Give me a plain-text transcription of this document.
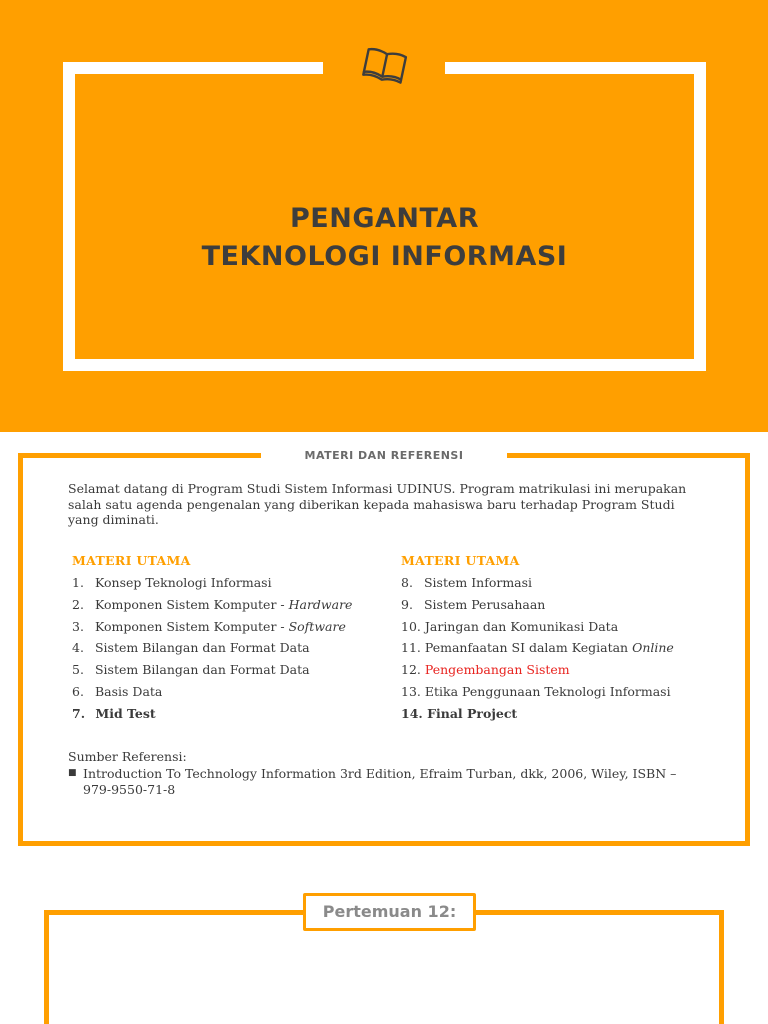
PENGANTAR
TEKNOLOGI INFORMASI
MATERI DAN REFERENSI

Selamat datang di Program Studi Sistem Informasi UDINUS. Program matrikulasi ini merupakan salah satu agenda pengenalan yang diberikan kepada mahasiswa baru terhadap Program Studi yang diminati.

MATERI UTAMA
1. Konsep Teknologi Informasi
2. Komponen Sistem Komputer - Hardware
3. Komponen Sistem Komputer - Software
4. Sistem Bilangan dan Format Data
5. Sistem Bilangan dan Format Data
6. Basis Data
7. Mid Test
MATERI UTAMA
8. Sistem Informasi
9. Sistem Perusahaan
10. Jaringan dan Komunikasi Data
11. Pemanfaatan SI dalam Kegiatan Online
12. Pengembangan Sistem
13. Etika Penggunaan Teknologi Informasi
14. Final Project
Sumber Referensi:
■ Introduction To Technology Information 3rd Edition, Efraim Turban, dkk, 2006, Wiley, ISBN – 979-9550-71-8
Pertemuan 12:
